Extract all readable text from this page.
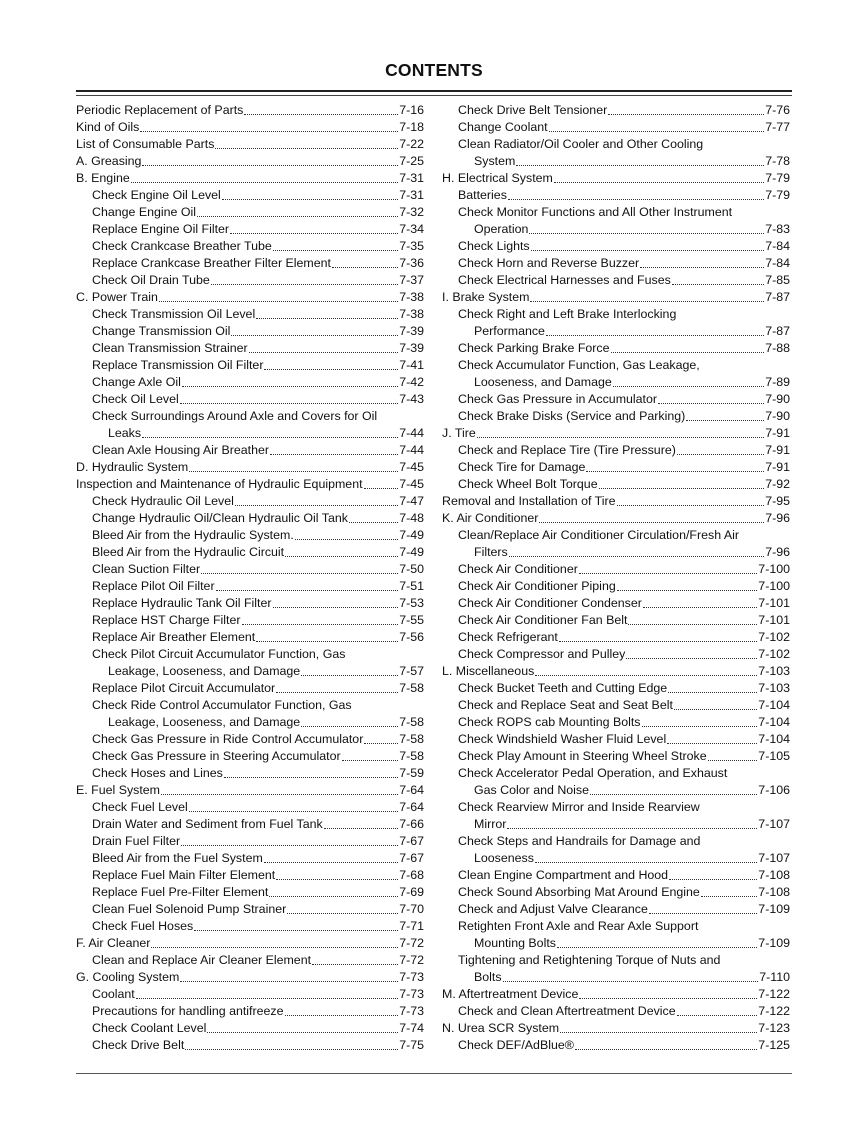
CONTENTS
Periodic Replacement of Parts	7-16
Kind of Oils	7-18
List of Consumable Parts	7-22
A. Greasing	7-25
B. Engine	7-31
Check Engine Oil Level	7-31
Change Engine Oil	7-32
Replace Engine Oil Filter	7-34
Check Crankcase Breather Tube	7-35
Replace Crankcase Breather Filter Element	7-36
Check Oil Drain Tube	7-37
C. Power Train	7-38
Check Transmission Oil Level	7-38
Change Transmission Oil	7-39
Clean Transmission Strainer	7-39
Replace Transmission Oil Filter	7-41
Change Axle Oil	7-42
Check Oil Level	7-43
Check Surroundings Around Axle and Covers for Oil
Leaks	7-44
Clean Axle Housing Air Breather	7-44
D. Hydraulic System	7-45
Inspection and Maintenance of Hydraulic Equipment	7-45
Check Hydraulic Oil Level	7-47
Change Hydraulic Oil/Clean Hydraulic Oil Tank	7-48
Bleed Air from the Hydraulic System.	7-49
Bleed Air from the Hydraulic Circuit	7-49
Clean Suction Filter	7-50
Replace Pilot Oil Filter	7-51
Replace Hydraulic Tank Oil Filter	7-53
Replace HST Charge Filter	7-55
Replace Air Breather Element	7-56
Check Pilot Circuit Accumulator Function, Gas
Leakage, Looseness, and Damage	7-57
Replace Pilot Circuit Accumulator	7-58
Check Ride Control Accumulator Function, Gas
Leakage, Looseness, and Damage	7-58
Check Gas Pressure in Ride Control Accumulator	7-58
Check Gas Pressure in Steering Accumulator	7-58
Check Hoses and Lines	7-59
E. Fuel System	7-64
Check Fuel Level	7-64
Drain Water and Sediment from Fuel Tank	7-66
Drain Fuel Filter	7-67
Bleed Air from the Fuel System	7-67
Replace Fuel Main Filter Element	7-68
Replace Fuel Pre-Filter Element	7-69
Clean Fuel Solenoid Pump Strainer	7-70
Check Fuel Hoses	7-71
F. Air Cleaner	7-72
Clean and Replace Air Cleaner Element	7-72
G. Cooling System	7-73
Coolant	7-73
Precautions for handling antifreeze	7-73
Check Coolant Level	7-74
Check Drive Belt	7-75
Check Drive Belt Tensioner	7-76
Change Coolant	7-77
Clean Radiator/Oil Cooler and Other Cooling
System	7-78
H. Electrical System	7-79
Batteries	7-79
Check Monitor Functions and All Other Instrument
Operation	7-83
Check Lights	7-84
Check Horn and Reverse Buzzer	7-84
Check Electrical Harnesses and Fuses	7-85
I. Brake System	7-87
Check Right and Left Brake Interlocking
Performance	7-87
Check Parking Brake Force	7-88
Check Accumulator Function, Gas Leakage,
Looseness, and Damage	7-89
Check Gas Pressure in Accumulator	7-90
Check Brake Disks (Service and Parking)	7-90
J. Tire	7-91
Check and Replace Tire (Tire Pressure)	7-91
Check Tire for Damage	7-91
Check Wheel Bolt Torque	7-92
Removal and Installation of Tire	7-95
K. Air Conditioner	7-96
Clean/Replace Air Conditioner Circulation/Fresh Air
Filters	7-96
Check Air Conditioner	7-100
Check Air Conditioner Piping	7-100
Check Air Conditioner Condenser	7-101
Check Air Conditioner Fan Belt	7-101
Check Refrigerant	7-102
Check Compressor and Pulley	7-102
L. Miscellaneous	7-103
Check Bucket Teeth and Cutting Edge	7-103
Check and Replace Seat and Seat Belt	7-104
Check ROPS cab Mounting Bolts	7-104
Check Windshield Washer Fluid Level	7-104
Check Play Amount in Steering Wheel Stroke	7-105
Check Accelerator Pedal Operation, and Exhaust
Gas Color and Noise	7-106
Check Rearview Mirror and Inside Rearview
Mirror	7-107
Check Steps and Handrails for Damage and
Looseness	7-107
Clean Engine Compartment and Hood	7-108
Check Sound Absorbing Mat Around Engine	7-108
Check and Adjust Valve Clearance	7-109
Retighten Front Axle and Rear Axle Support
Mounting Bolts	7-109
Tightening and Retightening Torque of Nuts and
Bolts	7-110
M. Aftertreatment Device	7-122
Check and Clean Aftertreatment Device	7-122
N. Urea SCR System	7-123
Check DEF/AdBlue®	7-125
